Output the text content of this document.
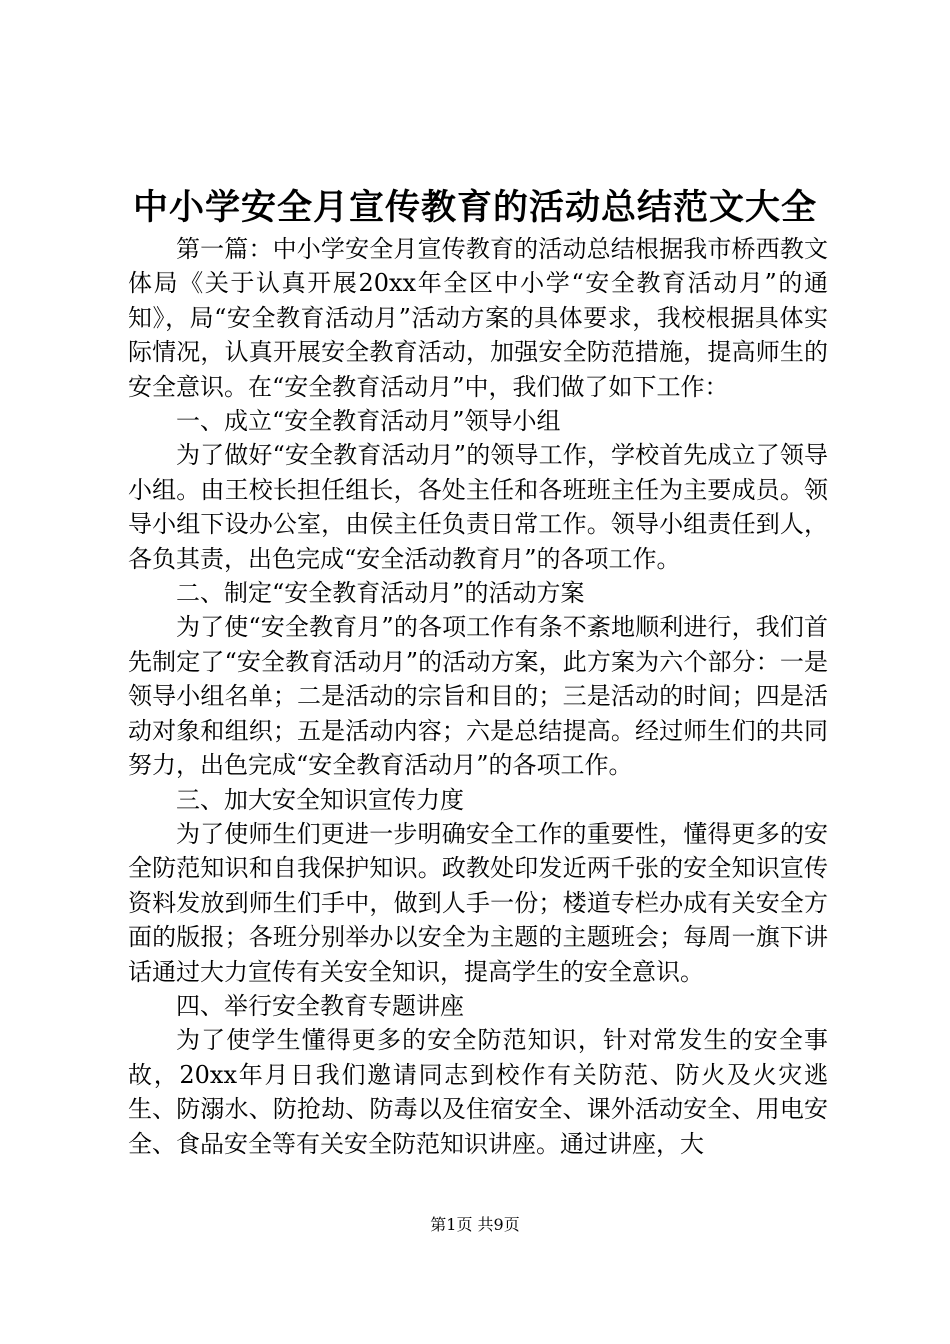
中小学安全月宣传教育的活动总结范文大全

第一篇：中小学安全月宣传教育的活动总结根据我市桥西教文体局《关于认真开展20xx年全区中小学“安全教育活动月”的通知》，局“安全教育活动月”活动方案的具体要求，我校根据具体实际情况，认真开展安全教育活动，加强安全防范措施，提高师生的安全意识。在“安全教育活动月”中，我们做了如下工作：

一、成立“安全教育活动月”领导小组

为了做好“安全教育活动月”的领导工作，学校首先成立了领导小组。由王校长担任组长，各处主任和各班班主任为主要成员。领导小组下设办公室，由侯主任负责日常工作。领导小组责任到人，各负其责，出色完成“安全活动教育月”的各项工作。

二、制定“安全教育活动月”的活动方案

为了使“安全教育月”的各项工作有条不紊地顺利进行，我们首先制定了“安全教育活动月”的活动方案，此方案为六个部分：一是领导小组名单；二是活动的宗旨和目的；三是活动的时间；四是活动对象和组织；五是活动内容；六是总结提高。经过师生们的共同努力，出色完成“安全教育活动月”的各项工作。

三、加大安全知识宣传力度

为了使师生们更进一步明确安全工作的重要性，懂得更多的安全防范知识和自我保护知识。政教处印发近两千张的安全知识宣传资料发放到师生们手中，做到人手一份；楼道专栏办成有关安全方面的版报；各班分别举办以安全为主题的主题班会；每周一旗下讲话通过大力宣传有关安全知识，提高学生的安全意识。

四、举行安全教育专题讲座

为了使学生懂得更多的安全防范知识，针对常发生的安全事故，20xx年月日我们邀请同志到校作有关防范、防火及火灾逃生、防溺水、防抢劫、防毒以及住宿安全、课外活动安全、用电安全、食品安全等有关安全防范知识讲座。通过讲座，大

第1页 共9页
